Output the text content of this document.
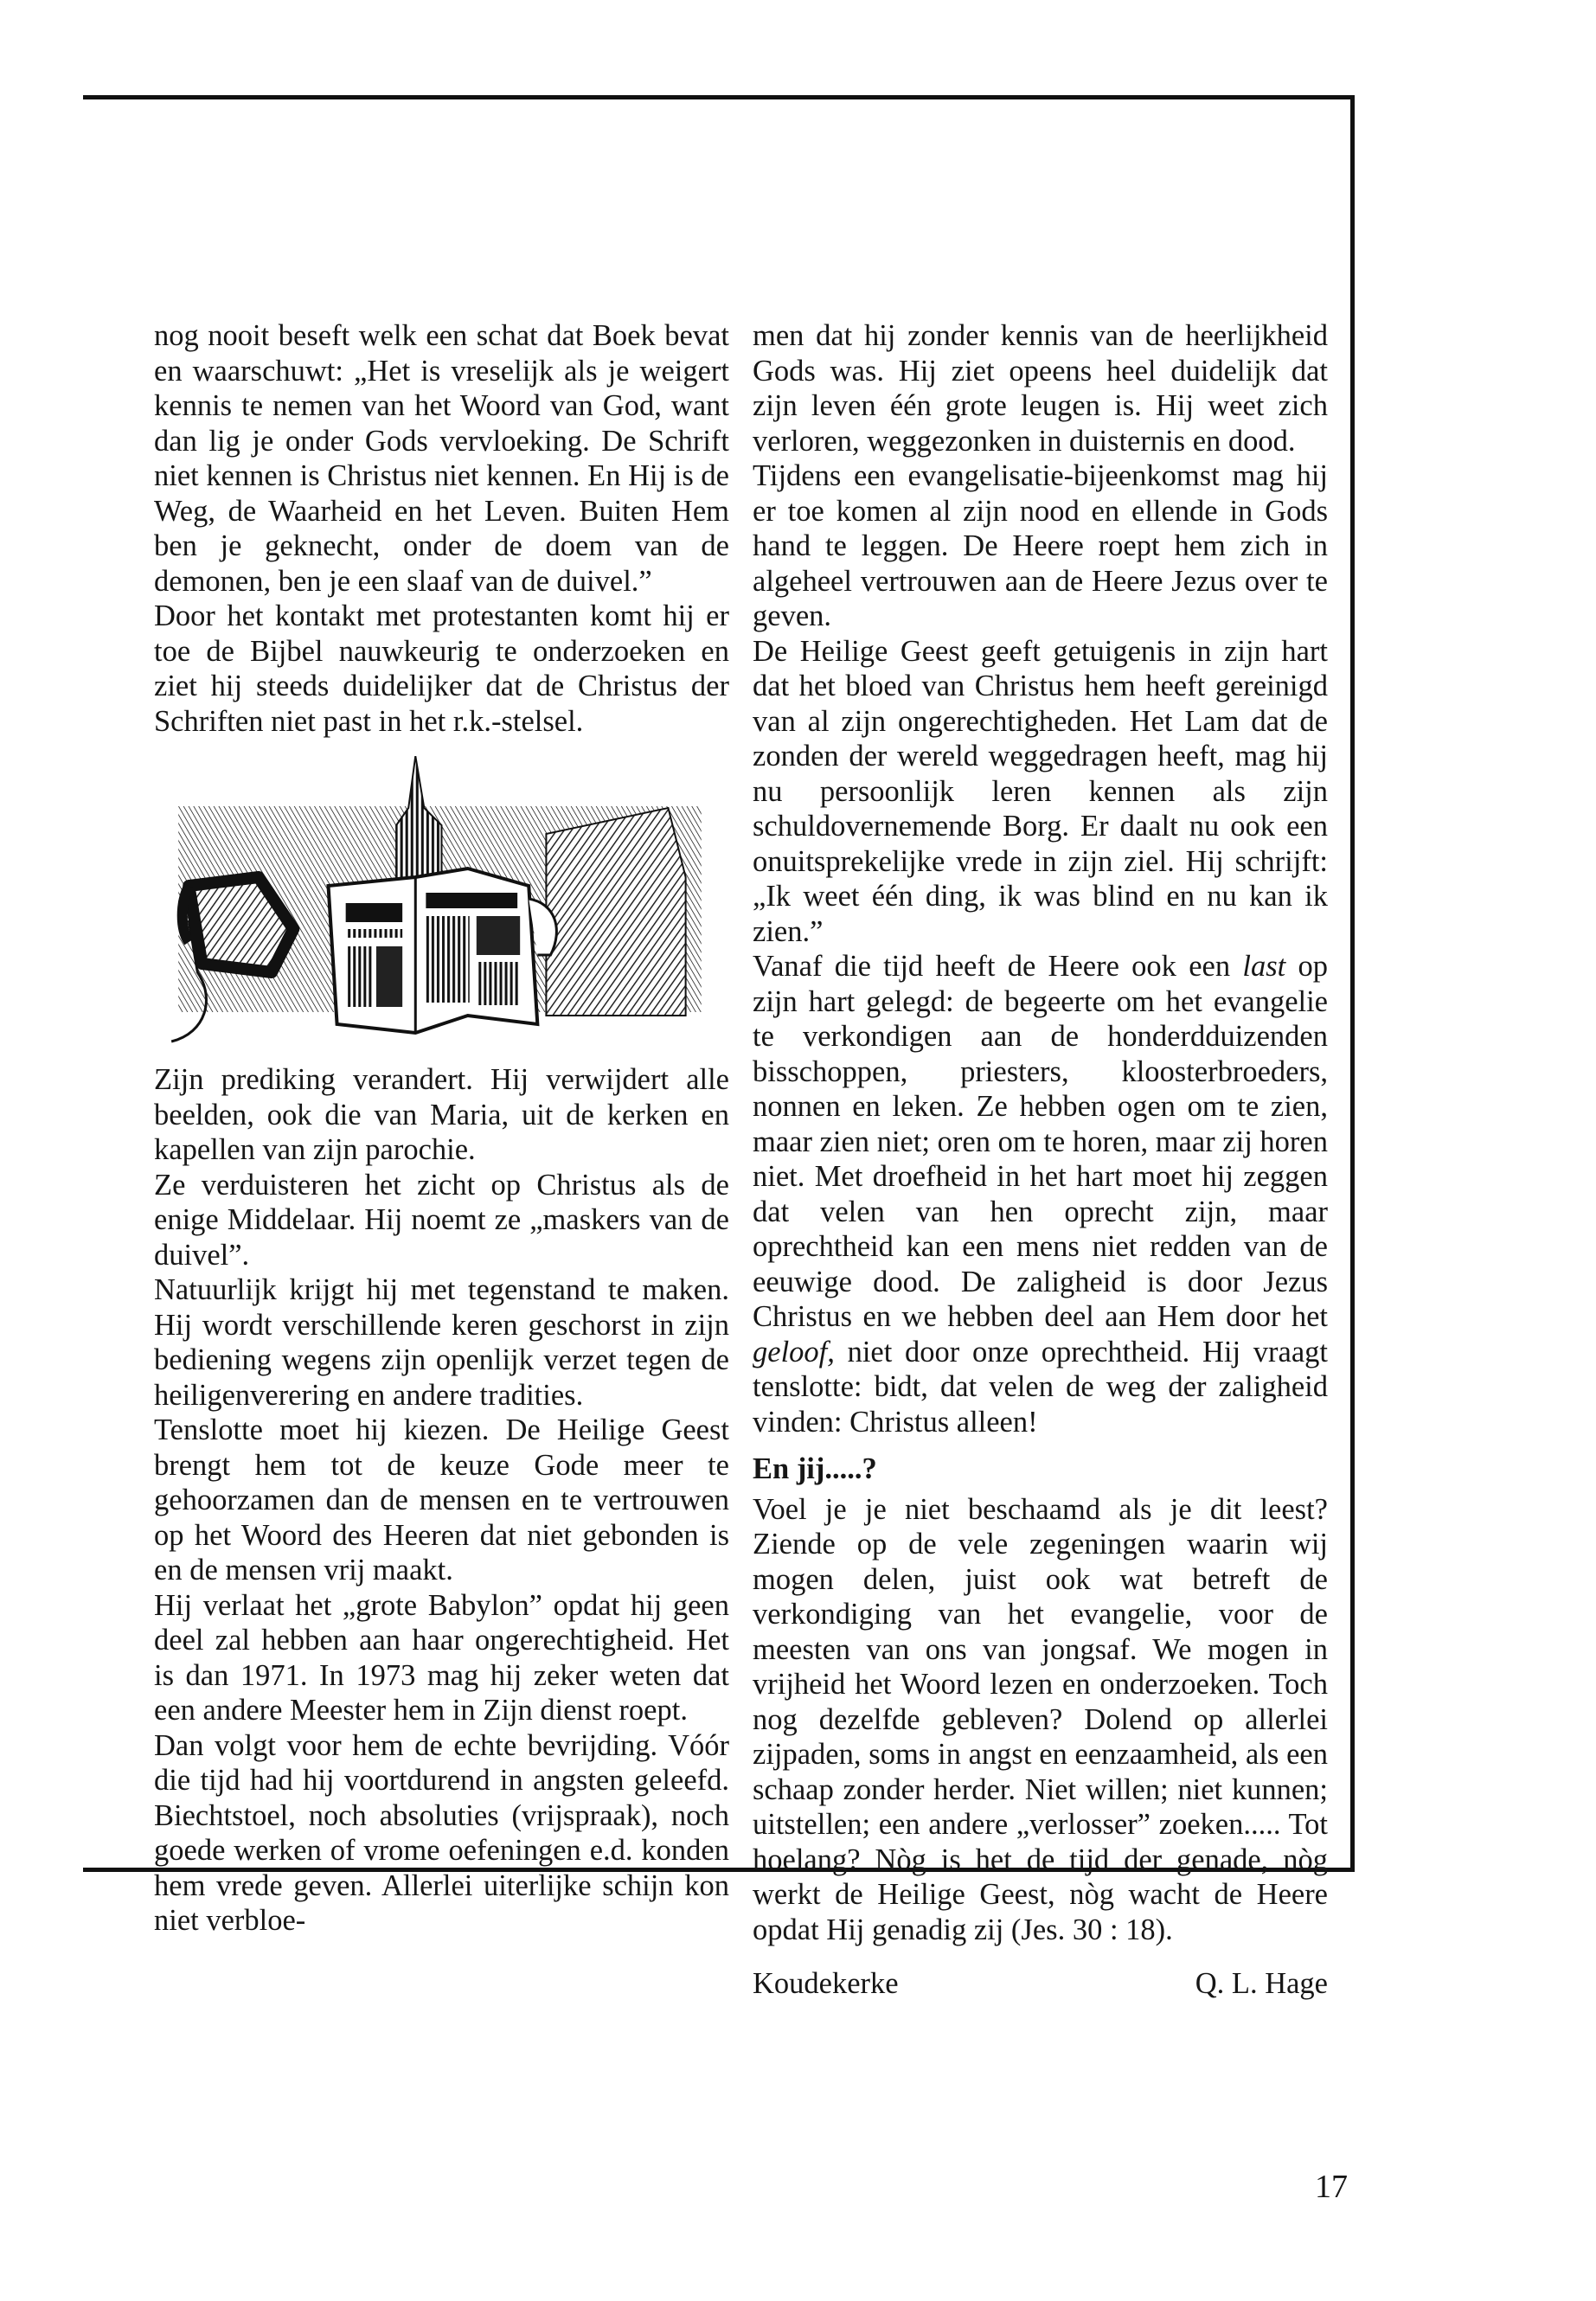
nog nooit beseft welk een schat dat Boek bevat en waarschuwt: „Het is vreselijk als je weigert kennis te nemen van het Woord van God, want dan lig je onder Gods vervloeking. De Schrift niet kennen is Christus niet kennen. En Hij is de Weg, de Waarheid en het Leven. Buiten Hem ben je geknecht, onder de doem van de demonen, ben je een slaaf van de duivel.”

Door het kontakt met protestanten komt hij er toe de Bijbel nauwkeurig te onderzoeken en ziet hij steeds duidelijker dat de Christus der Schriften niet past in het r.k.-stelsel.

Zijn prediking verandert. Hij verwijdert alle beelden, ook die van Maria, uit de kerken en kapellen van zijn parochie.

Ze verduisteren het zicht op Christus als de enige Middelaar. Hij noemt ze „maskers van de duivel”.

Natuurlijk krijgt hij met tegenstand te maken. Hij wordt verschillende keren geschorst in zijn bediening wegens zijn openlijk verzet tegen de heiligenverering en andere tradities.

Tenslotte moet hij kiezen. De Heilige Geest brengt hem tot de keuze Gode meer te gehoorzamen dan de mensen en te vertrouwen op het Woord des Heeren dat niet gebonden is en de mensen vrij maakt.

Hij verlaat het „grote Babylon” opdat hij geen deel zal hebben aan haar ongerechtigheid. Het is dan 1971. In 1973 mag hij zeker weten dat een andere Meester hem in Zijn dienst roept.

Dan volgt voor hem de echte bevrijding. Vóór die tijd had hij voortdurend in angsten geleefd. Biechtstoel, noch absoluties (vrijspraak), noch goede werken of vrome oefeningen e.d. konden hem vrede geven. Allerlei uiterlijke schijn kon niet verbloe-

men dat hij zonder kennis van de heerlijkheid Gods was. Hij ziet opeens heel duidelijk dat zijn leven één grote leugen is. Hij weet zich verloren, weggezonken in duisternis en dood.

Tijdens een evangelisatie-bijeenkomst mag hij er toe komen al zijn nood en ellende in Gods hand te leggen. De Heere roept hem zich in algeheel vertrouwen aan de Heere Jezus over te geven.

De Heilige Geest geeft getuigenis in zijn hart dat het bloed van Christus hem heeft gereinigd van al zijn ongerechtigheden. Het Lam dat de zonden der wereld weggedragen heeft, mag hij nu persoonlijk leren kennen als zijn schuldovernemende Borg. Er daalt nu ook een onuitsprekelijke vrede in zijn ziel. Hij schrijft: „Ik weet één ding, ik was blind en nu kan ik zien.”

Vanaf die tijd heeft de Heere ook een last op zijn hart gelegd: de begeerte om het evangelie te verkondigen aan de honderdduizenden bisschoppen, priesters, kloosterbroeders, nonnen en leken. Ze hebben ogen om te zien, maar zien niet; oren om te horen, maar zij horen niet. Met droefheid in het hart moet hij zeggen dat velen van hen oprecht zijn, maar oprechtheid kan een mens niet redden van de eeuwige dood. De zaligheid is door Jezus Christus en we hebben deel aan Hem door het geloof, niet door onze oprechtheid. Hij vraagt tenslotte: bidt, dat velen de weg der zaligheid vinden: Christus alleen!

En jij.....?

Voel je je niet beschaamd als je dit leest? Ziende op de vele zegeningen waarin wij mogen delen, juist ook wat betreft de verkondiging van het evangelie, voor de meesten van ons van jongsaf. We mogen in vrijheid het Woord lezen en onderzoeken. Toch nog dezelfde gebleven? Dolend op allerlei zijpaden, soms in angst en eenzaamheid, als een schaap zonder herder. Niet willen; niet kunnen; uitstellen; een andere „verlosser” zoeken..... Tot hoelang? Nòg is het de tijd der genade, nòg werkt de Heilige Geest, nòg wacht de Heere opdat Hij genadig zij (Jes. 30 : 18).

Koudekerke	Q. L. Hage
17
